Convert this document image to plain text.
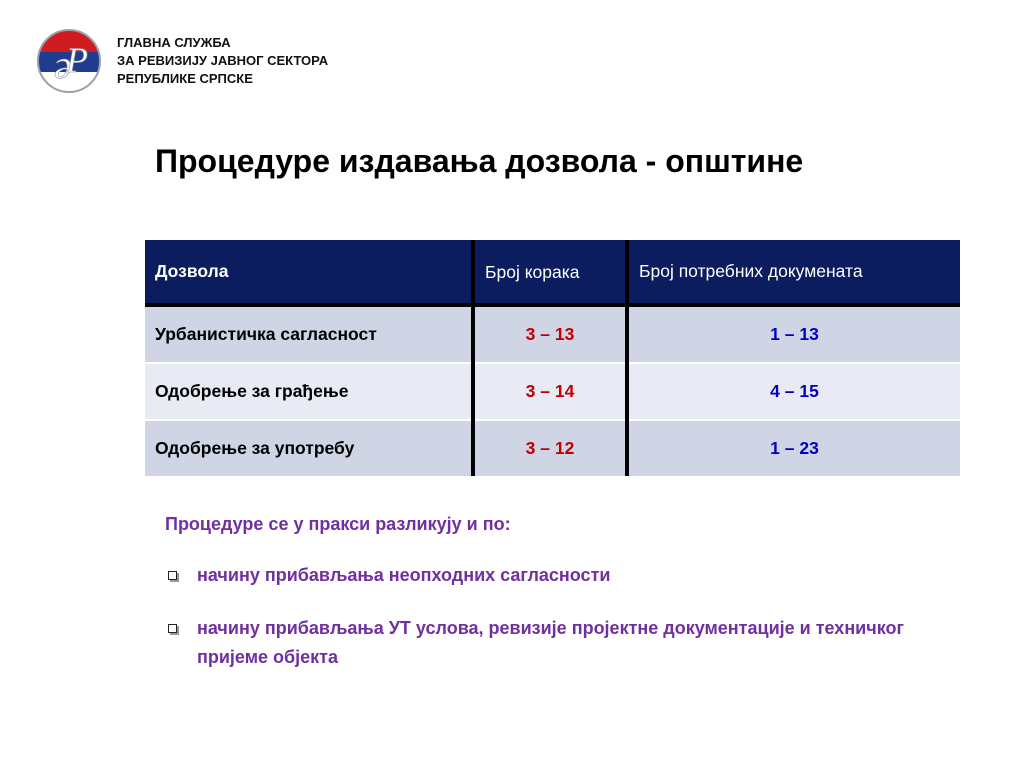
ə
P ГЛАВНА СЛУЖБА
ЗА РЕВИЗИЈУ ЈАВНОГ СЕКТОРА
РЕПУБЛИКЕ СРПСКЕ
Процедуре издавања дозвола - општине
Дозвола	Број корака	Број потребних докумената
Урбанистичка сагласност	3 – 13	1 – 13
Одобрење за грађење	3 – 14	4 – 15
Одобрење за употребу	3 – 12	1 – 23
Процедуре се у пракси разликују и по:
начину прибављања неопходних сагласности
начину прибављања УТ услова, ревизије пројектне документације и техничког пријеме објекта
